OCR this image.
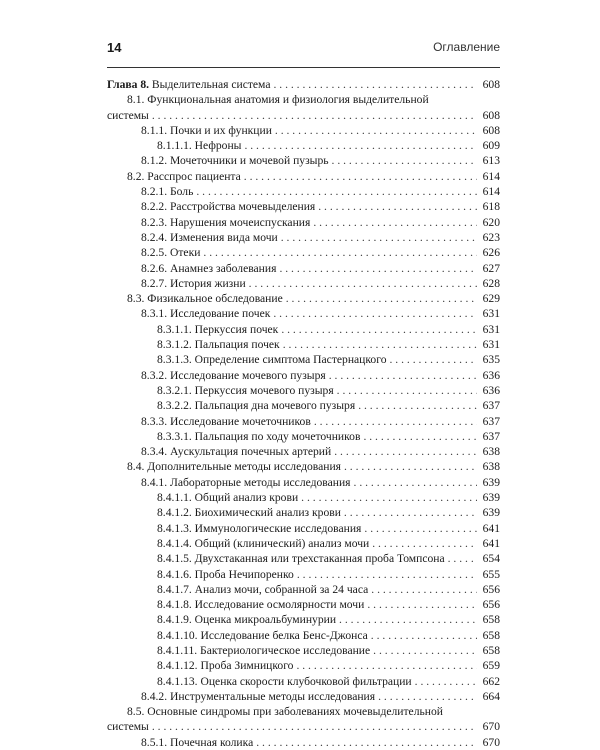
14	Оглавление
Глава 8. Выделительная система . . .	608
8.1. Функциональная анатомия и физиология выделительной
системы . . .	608
8.1.1. Почки и их функции . . .	608
8.1.1.1. Нефроны . . .	609
8.1.2. Мочеточники и мочевой пузырь . . .	613
8.2. Расспрос пациента . . .	614
8.2.1. Боль . . .	614
8.2.2. Расстройства мочевыделения . . .	618
8.2.3. Нарушения мочеиспускания . . .	620
8.2.4. Изменения вида мочи . . .	623
8.2.5. Отеки . . .	626
8.2.6. Анамнез заболевания . . .	627
8.2.7. История жизни . . .	628
8.3. Физикальное обследование . . .	629
8.3.1. Исследование почек . . .	631
8.3.1.1. Перкуссия почек . . .	631
8.3.1.2. Пальпация почек . . .	631
8.3.1.3. Определение симптома Пастернацкого . . .	635
8.3.2. Исследование мочевого пузыря . . .	636
8.3.2.1. Перкуссия мочевого пузыря . . .	636
8.3.2.2. Пальпация дна мочевого пузыря . . .	637
8.3.3. Исследование мочеточников . . .	637
8.3.3.1. Пальпация по ходу мочеточников . . .	637
8.3.4. Аускультация почечных артерий . . .	638
8.4. Дополнительные методы исследования . . .	638
8.4.1. Лабораторные методы исследования . . .	639
8.4.1.1. Общий анализ крови . . .	639
8.4.1.2. Биохимический анализ крови . . .	639
8.4.1.3. Иммунологические исследования . . .	641
8.4.1.4. Общий (клинический) анализ мочи . . .	641
8.4.1.5. Двухстаканная или трехстаканная проба Томпсона . . .	654
8.4.1.6. Проба Нечипоренко . . .	655
8.4.1.7. Анализ мочи, собранной за 24 часа . . .	656
8.4.1.8. Исследование осмолярности мочи . . .	656
8.4.1.9. Оценка микроальбуминурии . . .	658
8.4.1.10. Исследование белка Бенс-Джонса . . .	658
8.4.1.11. Бактериологическое исследование . . .	658
8.4.1.12. Проба Зимницкого . . .	659
8.4.1.13. Оценка скорости клубочковой фильтрации . . .	662
8.4.2. Инструментальные методы исследования . . .	664
8.5. Основные синдромы при заболеваниях мочевыделительной
системы . . .	670
8.5.1. Почечная колика . . .	670
